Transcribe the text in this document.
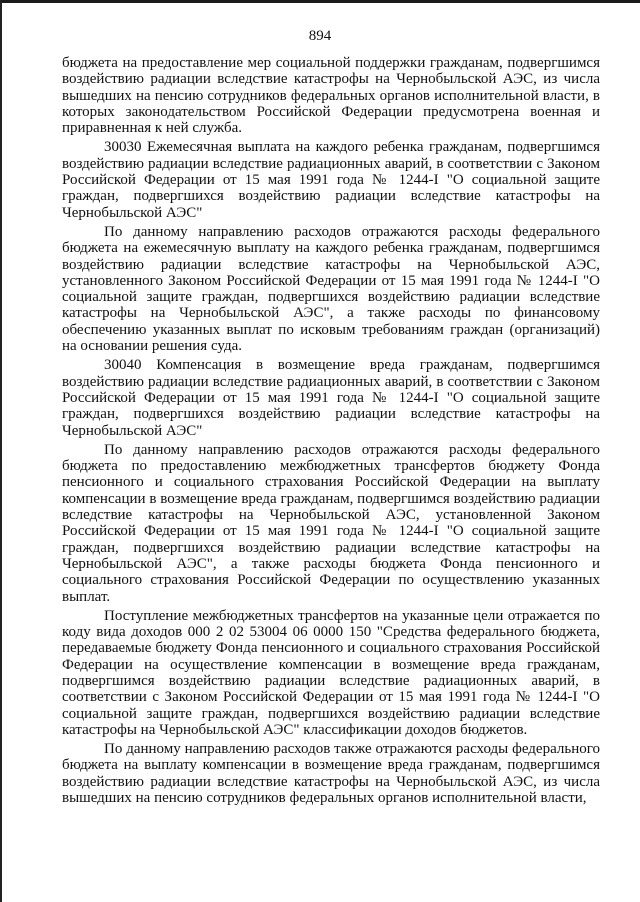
894

бюджета на предоставление мер социальной поддержки гражданам, подвергшимся воздействию радиации вследствие катастрофы на Чернобыльской АЭС, из числа вышедших на пенсию сотрудников федеральных органов исполнительной власти, в которых законодательством Российской Федерации предусмотрена военная и приравненная к ней служба.

30030 Ежемесячная выплата на каждого ребенка гражданам, подвергшимся воздействию радиации вследствие радиационных аварий, в соответствии с Законом Российской Федерации от 15 мая 1991 года № 1244-I "О социальной защите граждан, подвергшихся воздействию радиации вследствие катастрофы на Чернобыльской АЭС"

По данному направлению расходов отражаются расходы федерального бюджета на ежемесячную выплату на каждого ребенка гражданам, подвергшимся воздействию радиации вследствие катастрофы на Чернобыльской АЭС, установленного Законом Российской Федерации от 15 мая 1991 года № 1244-I "О социальной защите граждан, подвергшихся воздействию радиации вследствие катастрофы на Чернобыльской АЭС", а также расходы по финансовому обеспечению указанных выплат по исковым требованиям граждан (организаций) на основании решения суда.

30040 Компенсация в возмещение вреда гражданам, подвергшимся воздействию радиации вследствие радиационных аварий, в соответствии с Законом Российской Федерации от 15 мая 1991 года № 1244-I "О социальной защите граждан, подвергшихся воздействию радиации вследствие катастрофы на Чернобыльской АЭС"

По данному направлению расходов отражаются расходы федерального бюджета по предоставлению межбюджетных трансфертов бюджету Фонда пенсионного и социального страхования Российской Федерации на выплату компенсации в возмещение вреда гражданам, подвергшимся воздействию радиации вследствие катастрофы на Чернобыльской АЭС, установленной Законом Российской Федерации от 15 мая 1991 года № 1244-I "О социальной защите граждан, подвергшихся воздействию радиации вследствие катастрофы на Чернобыльской АЭС", а также расходы бюджета Фонда пенсионного и социального страхования Российской Федерации по осуществлению указанных выплат.

Поступление межбюджетных трансфертов на указанные цели отражается по коду вида доходов 000 2 02 53004 06 0000 150 "Средства федерального бюджета, передаваемые бюджету Фонда пенсионного и социального страхования Российской Федерации на осуществление компенсации в возмещение вреда гражданам, подвергшимся воздействию радиации вследствие радиационных аварий, в соответствии с Законом Российской Федерации от 15 мая 1991 года № 1244-I "О социальной защите граждан, подвергшихся воздействию радиации вследствие катастрофы на Чернобыльской АЭС" классификации доходов бюджетов.

По данному направлению расходов также отражаются расходы федерального бюджета на выплату компенсации в возмещение вреда гражданам, подвергшимся воздействию радиации вследствие катастрофы на Чернобыльской АЭС, из числа вышедших на пенсию сотрудников федеральных органов исполнительной власти,
